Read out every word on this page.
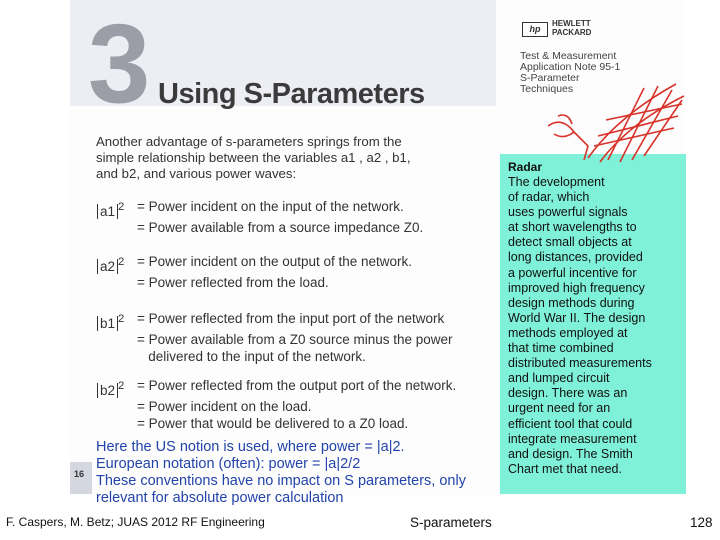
3 Using S-Parameters
hp
HEWLETT
PACKARD
Test & Measurement
Application Note 95-1
S-Parameter
Techniques
Radar
The development
of radar, which
uses powerful signals
at short wavelengths to
detect small objects at
long distances, provided
a powerful incentive for
improved high frequency
design methods during
World War II. The design
methods employed at
that time combined
distributed measurements
and lumped circuit
design. There was an
urgent need for an
efficient tool that could
integrate measurement
and design. The Smith
Chart met that need.
Another advantage of s-parameters springs from the
simple relationship between the variables a1 , a2 , b1,
and b2, and various power waves:
a1 $^2$ = Power incident on the input of the network.
= Power available from a source impedance Z0.
a2 $^2$ = Power incident on the output of the network.
= Power reflected from the load.
b1 $^2$ = Power reflected from the input port of the network
= Power available from a Z0 source minus the power
delivered to the input of the network.
b2 $^2$ = Power reflected from the output port of the network.
= Power incident on the load.
= Power that would be delivered to a Z0 load.
16
Here the US notion is used, where power = |a|2.
European notation (often): power = |a|2/2
These conventions have no impact on S parameters, only
relevant for absolute power calculation
F. Caspers, M. Betz; JUAS 2012 RF Engineering	S-parameters	128
